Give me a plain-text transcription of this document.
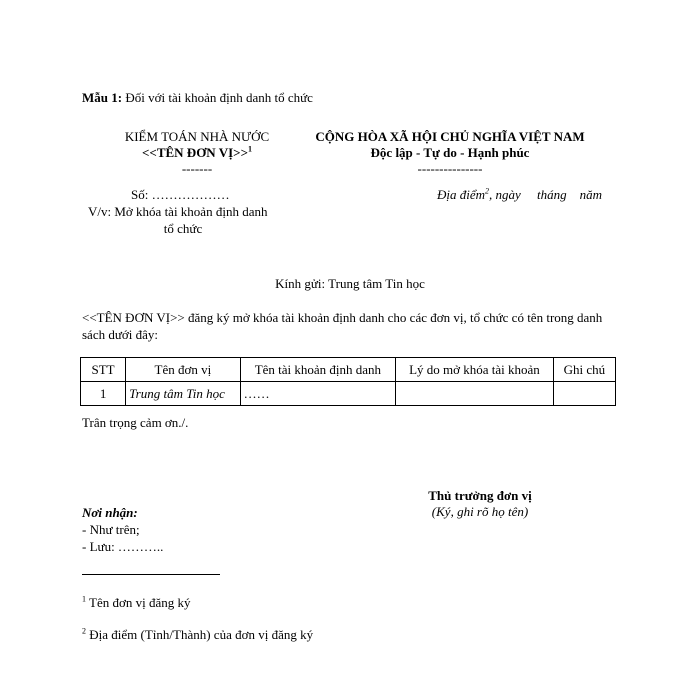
Mẫu 1: Đối với tài khoản định danh tổ chức
KIỂM TOÁN NHÀ NƯỚC
<<TÊN ĐƠN VỊ>>$^1$
-------
CỘNG HÒA XÃ HỘI CHỦ NGHĨA VIỆT NAM
Độc lập - Tự do - Hạnh phúc
---------------
Số: ………………
V/v: Mở khóa tài khoản định danh
tổ chức
Địa điểm$^2$, ngày     tháng    năm
Kính gửi: Trung tâm Tin học
<<TÊN ĐƠN VỊ>> đăng ký mở khóa tài khoản định danh cho các đơn vị, tổ chức có tên trong danh sách dưới đây:
STT	Tên đơn vị	Tên tài khoản định danh	Lý do mở khóa tài khoản	Ghi chú
1	Trung tâm Tin học	……		
Trân trọng cảm ơn./.
Thủ trưởng đơn vị
(Ký, ghi rõ họ tên)
Nơi nhận:
- Như trên;
- Lưu: ………..
$^1$ Tên đơn vị đăng ký
$^2$ Địa điểm (Tỉnh/Thành) của đơn vị đăng ký
